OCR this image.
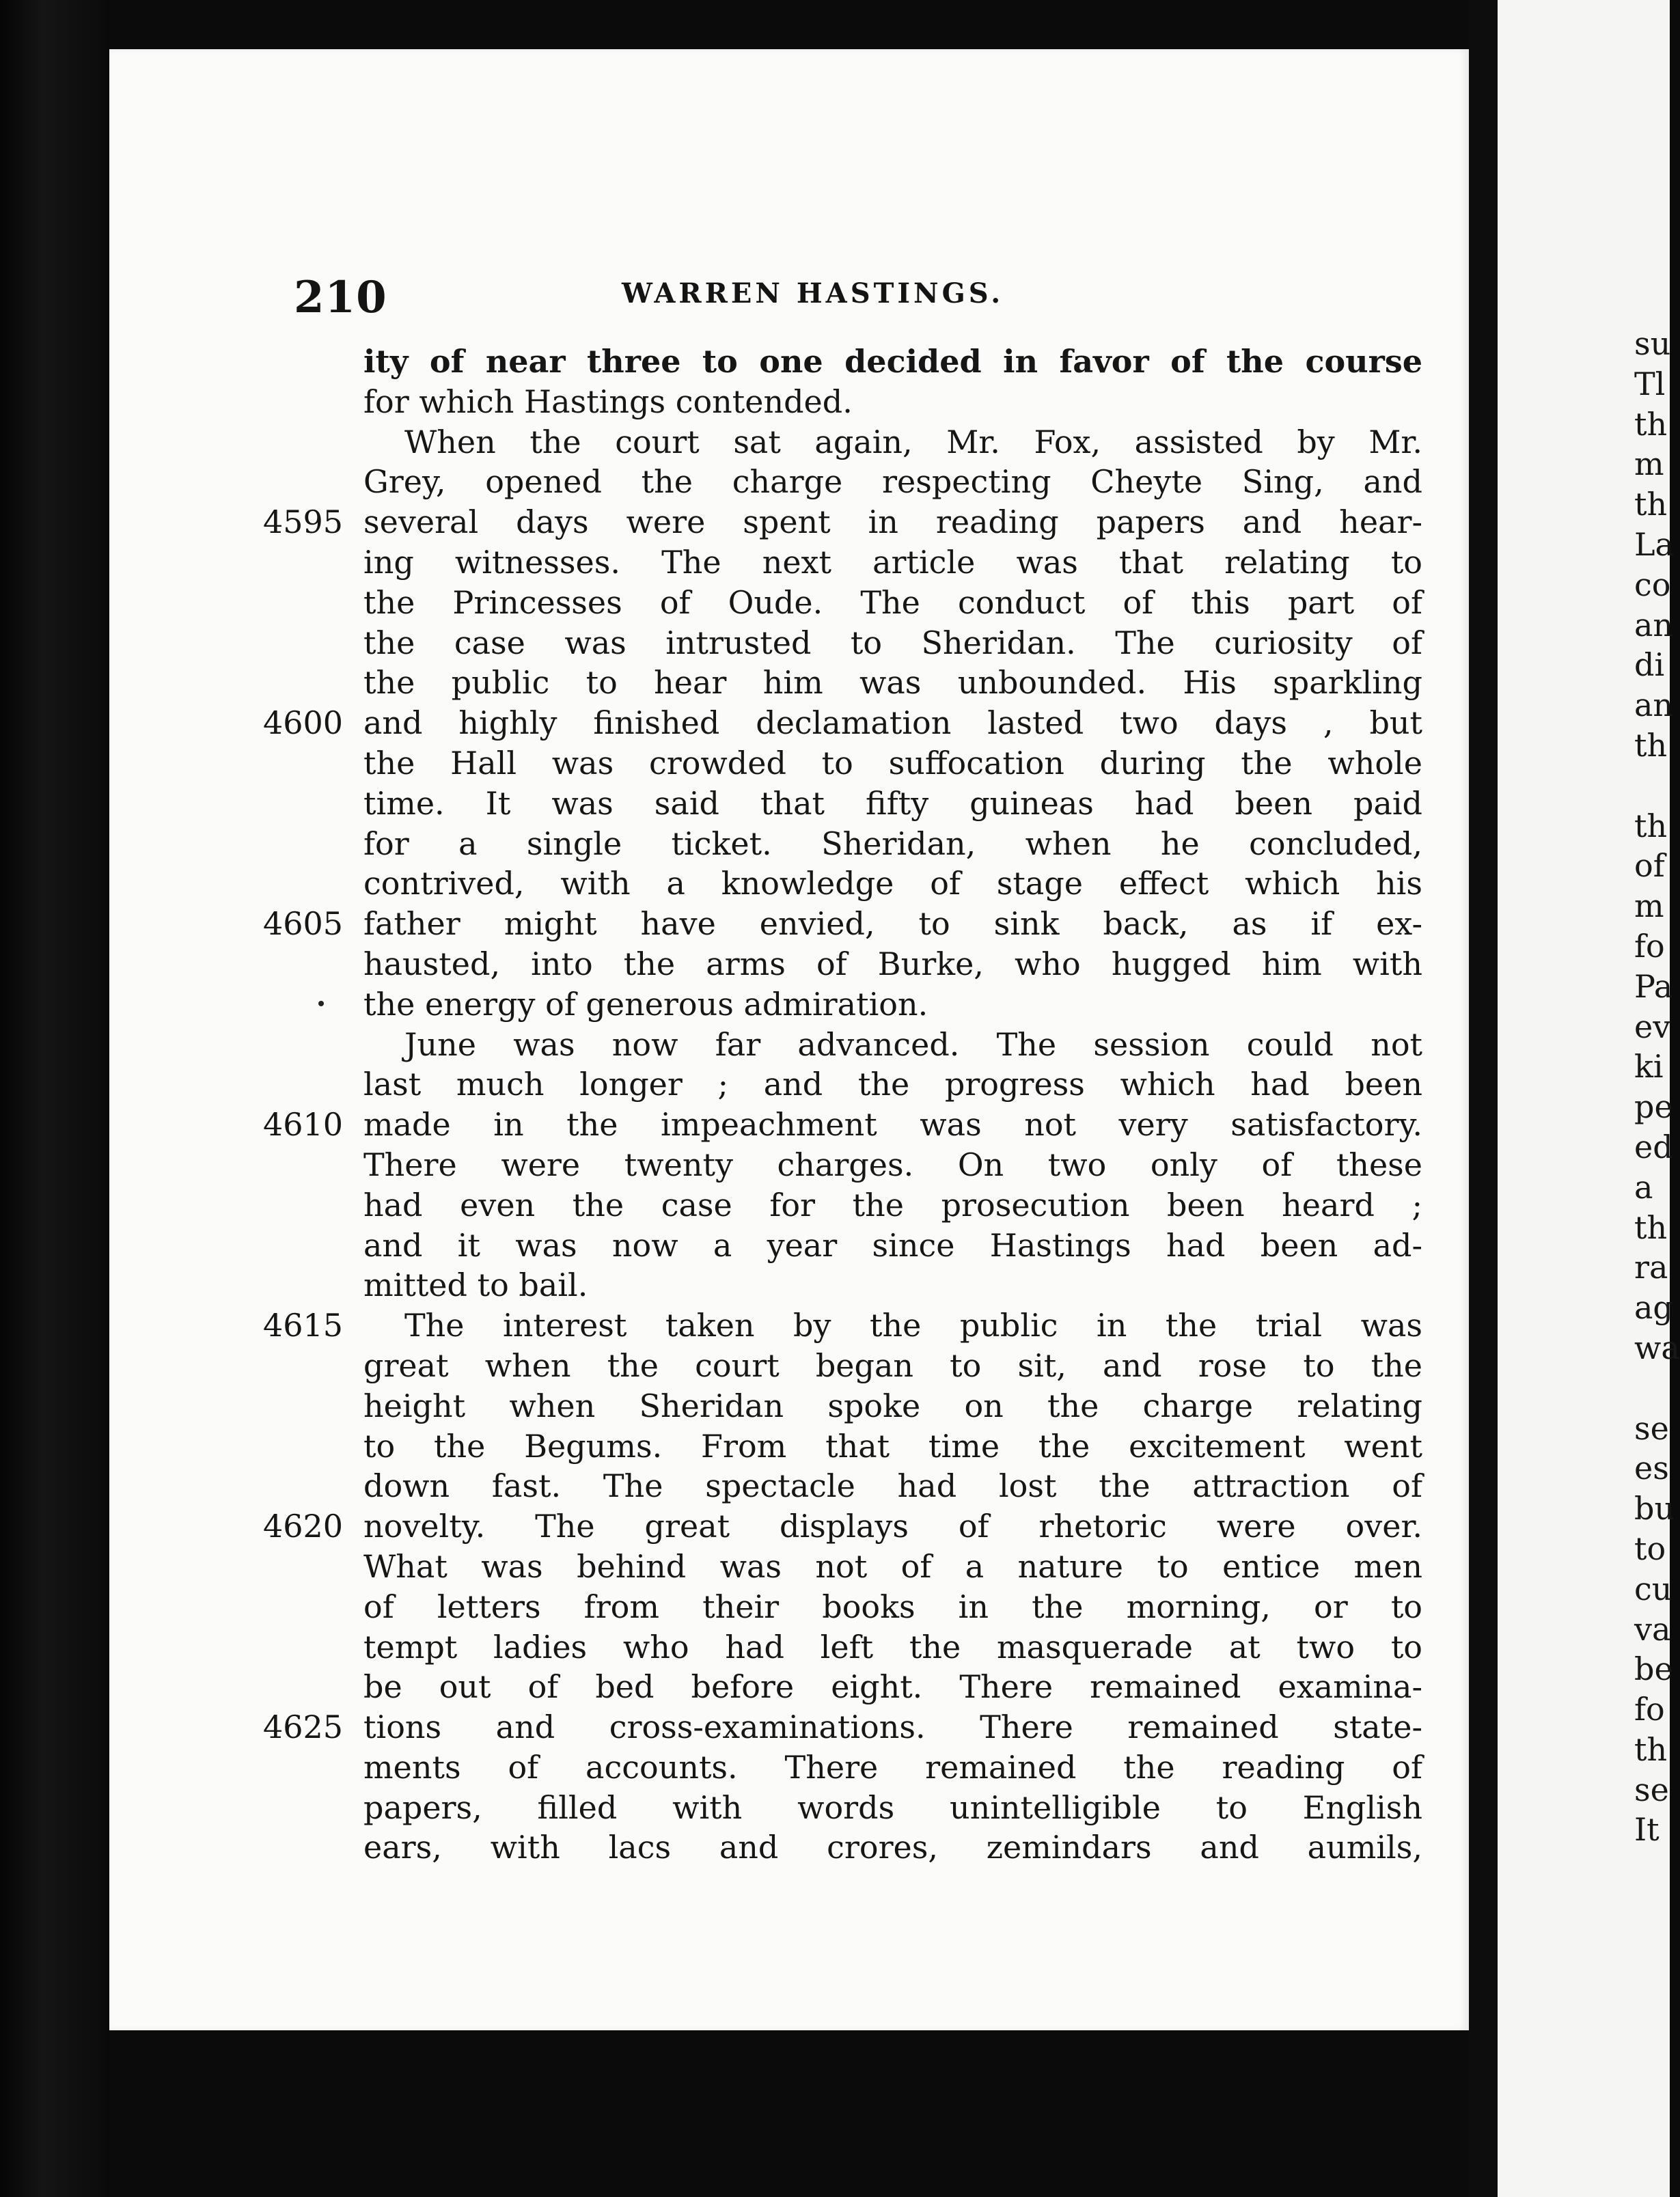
210	WARREN HASTINGS.
ity of near three to one decided in favor of the course
for which Hastings contended.
When the court sat again, Mr. Fox, assisted by Mr.
Grey, opened the charge respecting Cheyte Sing, and
several days were spent in reading papers and hear-
4595
ing witnesses. The next article was that relating to
the Princesses of Oude. The conduct of this part of
the case was intrusted to Sheridan. The curiosity of
the public to hear him was unbounded. His sparkling
and highly finished declamation lasted two days , but
4600
the Hall was crowded to suffocation during the whole
time. It was said that fifty guineas had been paid
for a single ticket. Sheridan, when he concluded,
contrived, with a knowledge of stage effect which his
father might have envied, to sink back, as if ex-
4605
hausted, into the arms of Burke, who hugged him with
the energy of generous admiration.
June was now far advanced. The session could not
last much longer ; and the progress which had been
made in the impeachment was not very satisfactory.
4610
There were twenty charges. On two only of these
had even the case for the prosecution been heard ;
and it was now a year since Hastings had been ad-
mitted to bail.
The interest taken by the public in the trial was
4615
great when the court began to sit, and rose to the
height when Sheridan spoke on the charge relating
to the Begums. From that time the excitement went
down fast. The spectacle had lost the attraction of
novelty. The great displays of rhetoric were over.
4620
What was behind was not of a nature to entice men
of letters from their books in the morning, or to
tempt ladies who had left the masquerade at two to
be out of bed before eight. There remained examina-
tions and cross-examinations. There remained state-
4625
ments of accounts. There remained the reading of
papers, filled with words unintelligible to English
ears, with lacs and crores, zemindars and aumils,
su
Tl
th
m
th
La
co
an
di
an
th
th
of
m
fo
Pa
ev
ki
pe
ed
a
th
ra
ag
wa
se
es
bu
to
cu
va
be
fo
th
se
It
